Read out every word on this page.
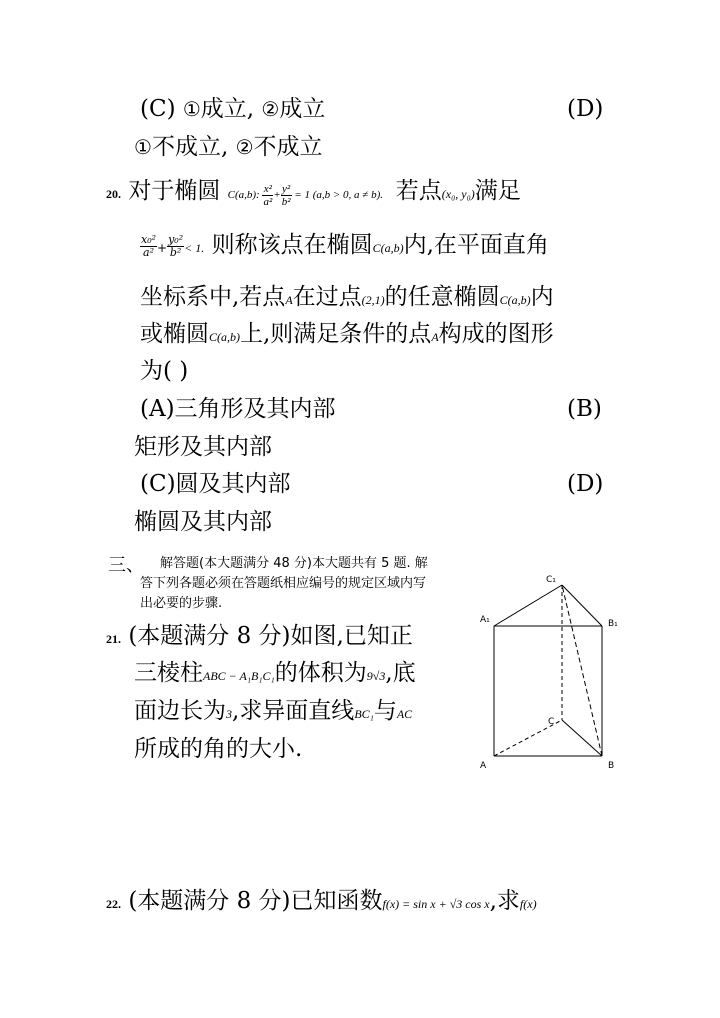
(C) ①成立, ②成立	(D)
①不成立, ②不成立
20. 对于椭圆 C(a,b): $\frac{\text{x²}}{\text{a²}} + \frac{\text{y²}}{\text{b²}} = 1$ (a,b > 0, a ≠ b). 若点(x₀, y₀)满足
$\frac{\text{x₀²}}{\text{a²}} + \frac{\text{y₀²}}{\text{b²}} < 1$. 则称该点在椭圆C(a,b)内,在平面直角
坐标系中,若点A在过点(2,1)的任意椭圆C(a,b)内
或椭圆C(a,b)上,则满足条件的点A构成的图形
为( )
(A)三角形及其内部	(B)
矩形及其内部
(C)圆及其内部	(D)
椭圆及其内部
三、 解答题(本大题满分 48 分)本大题共有 5 题. 解
答下列各题必须在答题纸相应编号的规定区域内写
出必要的步骤.
21. (本题满分 8 分)如图,已知正
三棱柱ABC − A₁B₁C₁的体积为9√3,底
面边长为3,求异面直线BC₁与AC
所成的角的大小.
C₁
A₁	B₁
C
A	B
22. (本题满分 8 分)已知函数f(x) = sin x + √3 cos x,求f(x)
